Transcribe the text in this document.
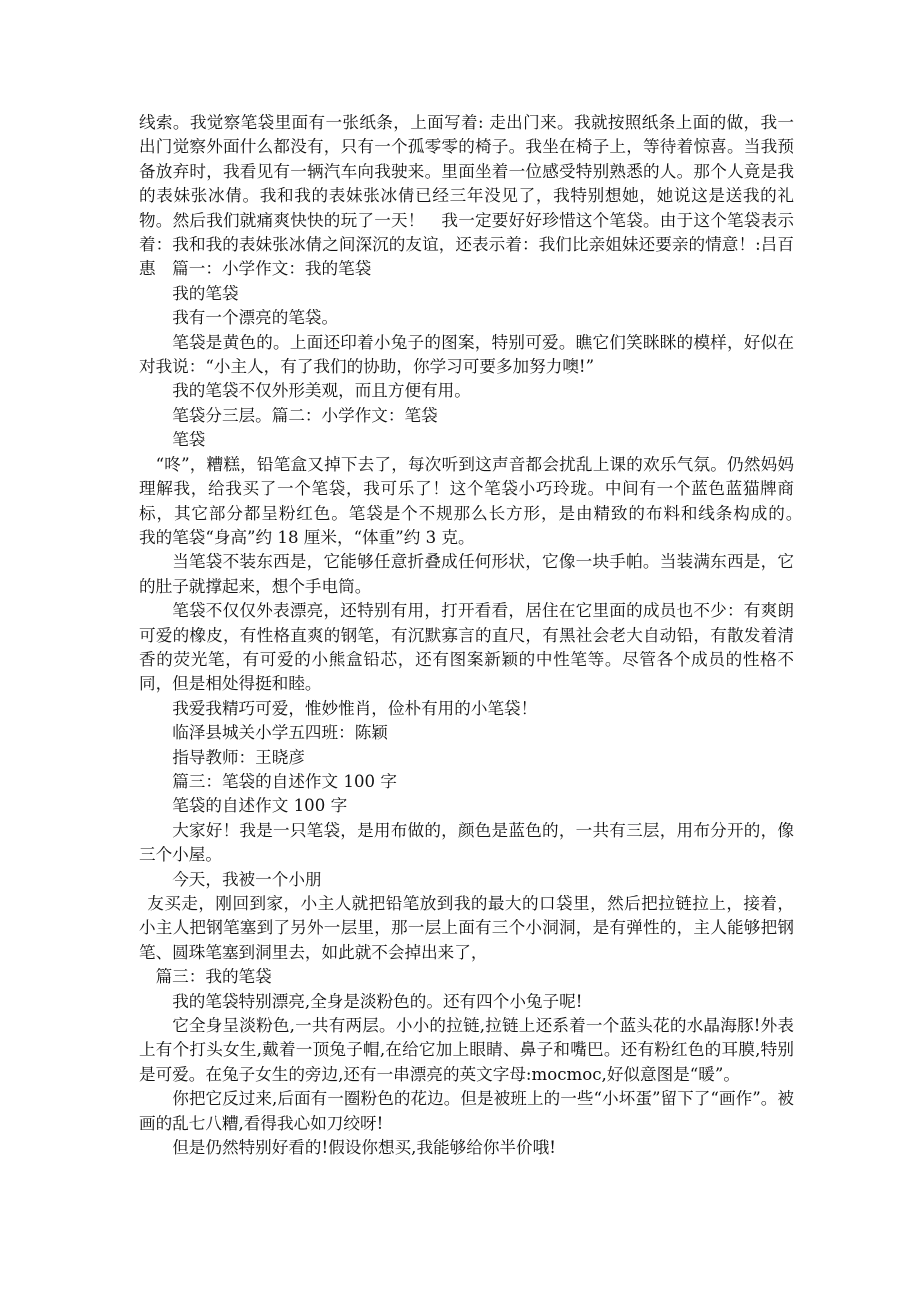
线索。我觉察笔袋里面有一张纸条，上面写着: 走出门来。我就按照纸条上面的做，我一出门觉察外面什么都没有，只有一个孤零零的椅子。我坐在椅子上，等待着惊喜。当我预备放弃时，我看见有一辆汽车向我驶来。里面坐着一位感受特别熟悉的人。那个人竟是我的表妹张冰倩。我和我的表妹张冰倩已经三年没见了，我特别想她，她说这是送我的礼物。然后我们就痛爽快快的玩了一天！　我一定要好好珍惜这个笔袋。由于这个笔袋表示着：我和我的表妹张冰倩之间深沉的友谊，还表示着：我们比亲姐妹还要亲的情意！:吕百惠　篇一：小学作文：我的笔袋

我的笔袋

我有一个漂亮的笔袋。

笔袋是黄色的。上面还印着小兔子的图案，特别可爱。瞧它们笑眯眯的模样，好似在对我说：“小主人，有了我们的协助，你学习可要多加努力噢!”

我的笔袋不仅外形美观，而且方便有用。

笔袋分三层。篇二：小学作文：笔袋

笔袋

“咚”，糟糕，铅笔盒又掉下去了，每次听到这声音都会扰乱上课的欢乐气氛。仍然妈妈理解我，给我买了一个笔袋，我可乐了！这个笔袋小巧玲珑。中间有一个蓝色蓝猫牌商标，其它部分都呈粉红色。笔袋是个不规那么长方形，是由精致的布料和线条构成的。　我的笔袋“身高”约 18 厘米，“体重”约 3 克。

当笔袋不装东西是，它能够任意折叠成任何形状，它像一块手帕。当装满东西是，它的肚子就撑起来，想个手电筒。

笔袋不仅仅外表漂亮，还特别有用，打开看看，居住在它里面的成员也不少：有爽朗可爱的橡皮，有性格直爽的钢笔，有沉默寡言的直尺，有黑社会老大自动铅，有散发着清香的荧光笔，有可爱的小熊盒铅芯，还有图案新颖的中性笔等。尽管各个成员的性格不同，但是相处得挺和睦。

我爱我精巧可爱，惟妙惟肖，俭朴有用的小笔袋！

临泽县城关小学五四班：陈颖

指导教师：王晓彦

篇三：笔袋的自述作文 100 字

笔袋的自述作文 100 字

大家好！我是一只笔袋，是用布做的，颜色是蓝色的，一共有三层，用布分开的，像三个小屋。

今天，我被一个小朋

友买走，刚回到家，小主人就把铅笔放到我的最大的口袋里，然后把拉链拉上，接着，小主人把钢笔塞到了另外一层里，那一层上面有三个小洞洞，是有弹性的，主人能够把钢笔、圆珠笔塞到洞里去，如此就不会掉出来了，

篇三：我的笔袋

我的笔袋特别漂亮,全身是淡粉色的。还有四个小兔子呢!

它全身呈淡粉色,一共有两层。小小的拉链,拉链上还系着一个蓝头花的水晶海豚!外表上有个打头女生,戴着一顶兔子帽,在给它加上眼睛、鼻子和嘴巴。还有粉红色的耳膜,特别是可爱。在兔子女生的旁边,还有一串漂亮的英文字母:mocmoc,好似意图是“暖”。

你把它反过来,后面有一圈粉色的花边。但是被班上的一些“小坏蛋”留下了“画作”。被画的乱七八糟,看得我心如刀绞呀!

但是仍然特别好看的!假设你想买,我能够给你半价哦!
